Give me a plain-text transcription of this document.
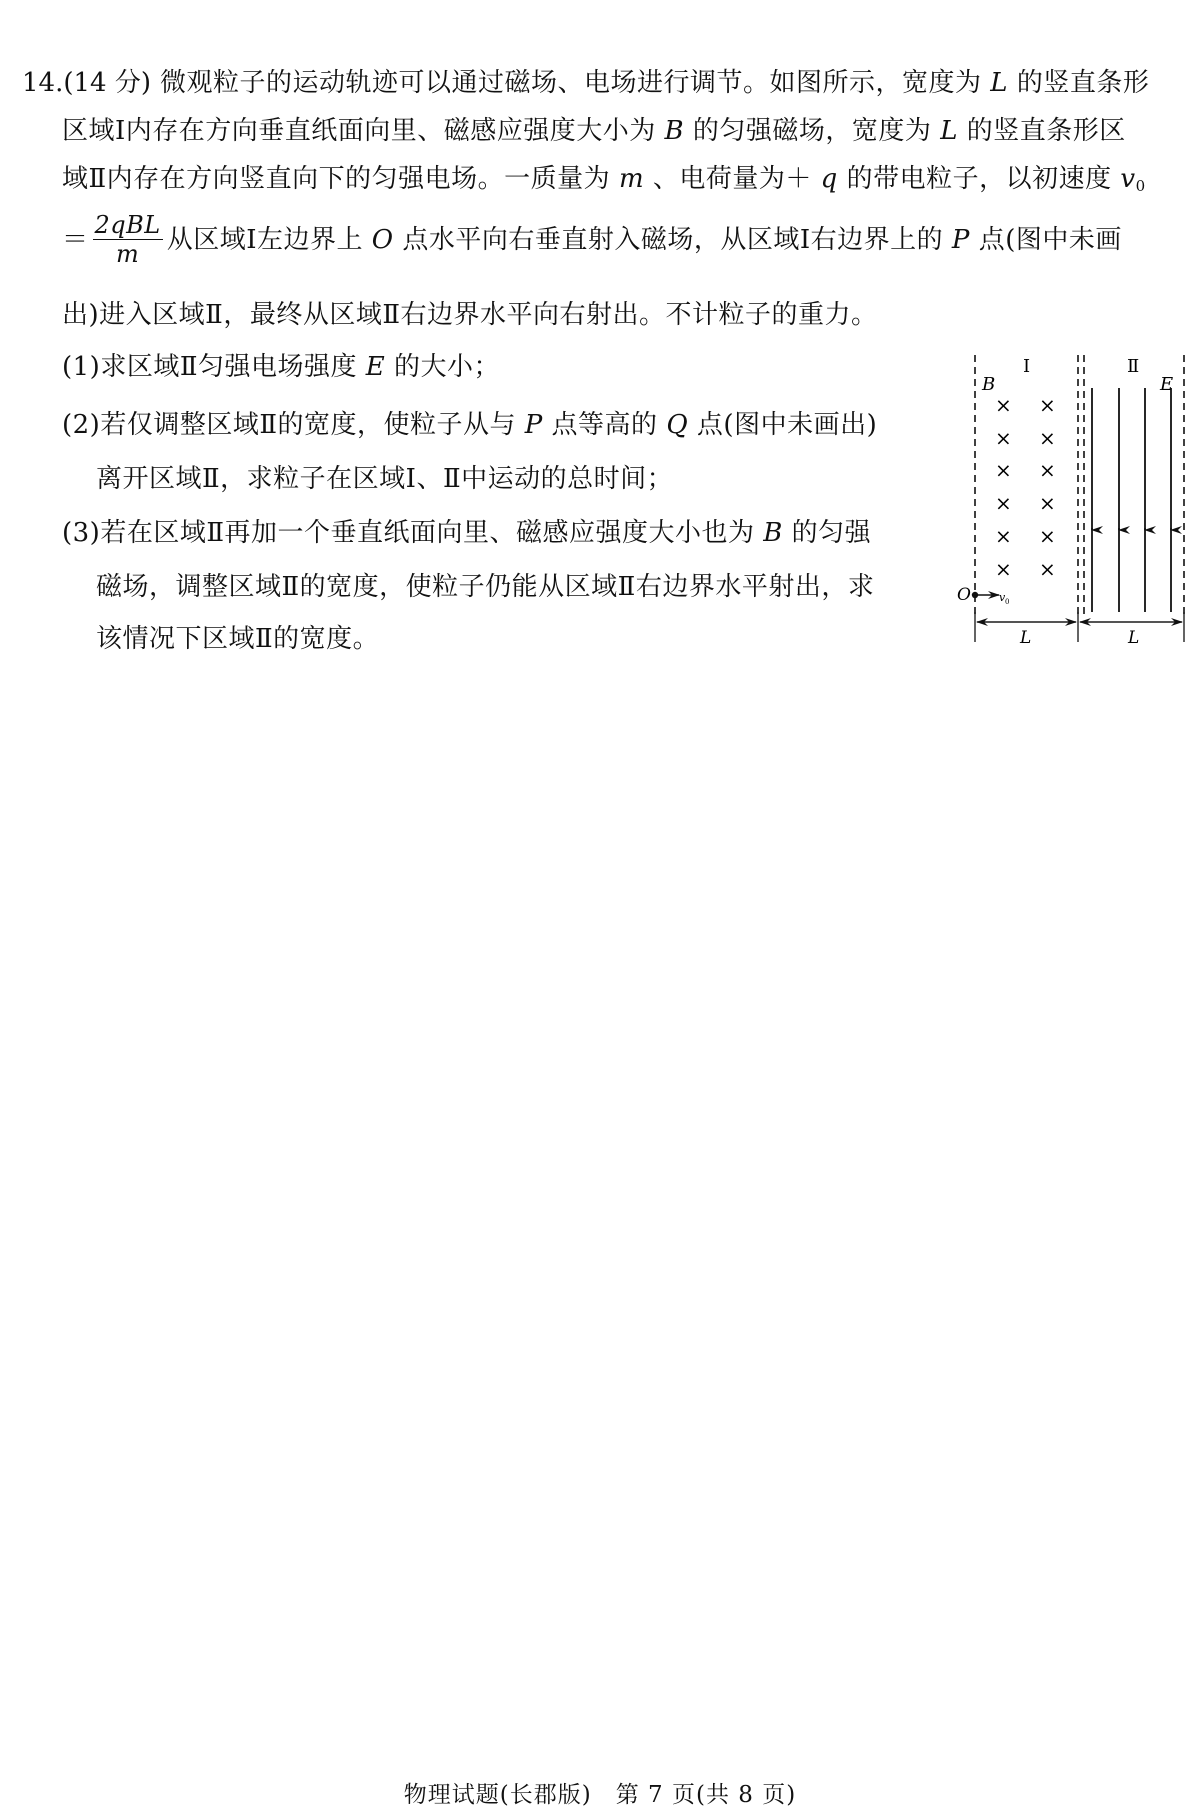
14.(14 分) 微观粒子的运动轨迹可以通过磁场、电场进行调节。如图所示，宽度为 L 的竖直条形
区域Ⅰ内存在方向垂直纸面向里、磁感应强度大小为 B 的匀强磁场，宽度为 L 的竖直条形区
域Ⅱ内存在方向竖直向下的匀强电场。一质量为 m 、电荷量为＋ q 的带电粒子，以初速度 $v_0$
＝ $\frac{\text{2qBL}}{m}$ 从区域Ⅰ左边界上 O 点水平向右垂直射入磁场，从区域Ⅰ右边界上的 P 点(图中未画
出)进入区域Ⅱ，最终从区域Ⅱ右边界水平向右射出。不计粒子的重力。
(1)求区域Ⅱ匀强电场强度 E 的大小；
(2)若仅调整区域Ⅱ的宽度，使粒子从与 P 点等高的 Q 点(图中未画出)
离开区域Ⅱ，求粒子在区域Ⅰ、Ⅱ中运动的总时间；
(3)若在区域Ⅱ再加一个垂直纸面向里、磁感应强度大小也为 B 的匀强
磁场，调整区域Ⅱ的宽度，使粒子仍能从区域Ⅱ右边界水平射出，求
该情况下区域Ⅱ的宽度。
Ⅰ	Ⅱ
B	E
× ×
× ×
× ×
× ×
× ×
× ×
O	v 0
L	L
物理试题(长郡版)　第 7 页(共 8 页)
